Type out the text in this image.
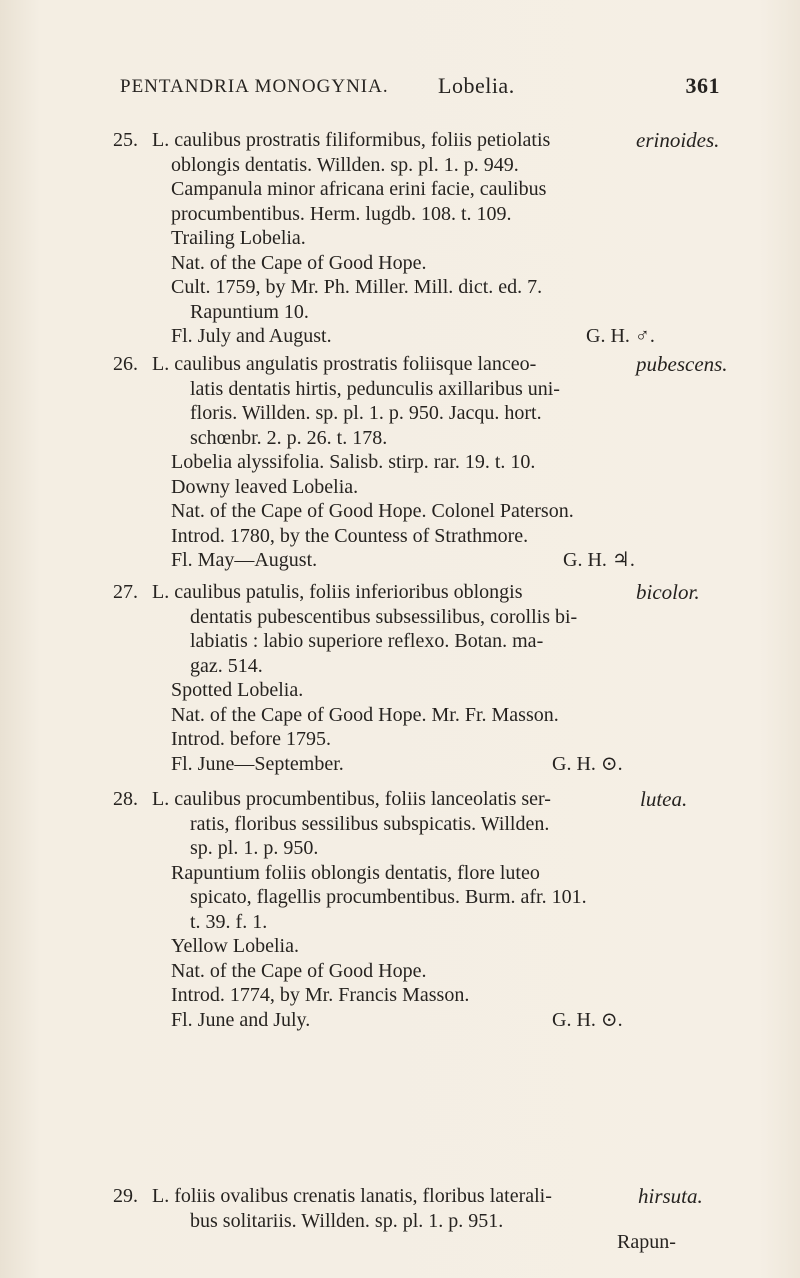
PENTANDRIA MONOGYNIA. Lobelia.	361
25.	erinoides.
L. caulibus prostratis filiformibus, foliis petiolatis
oblongis dentatis. Willden. sp. pl. 1. p. 949.
Campanula minor africana erini facie, caulibus
procumbentibus. Herm. lugdb. 108. t. 109.
Trailing Lobelia.
Nat. of the Cape of Good Hope.
Cult. 1759, by Mr. Ph. Miller. Mill. dict. ed. 7.
Rapuntium 10.
Fl. July and August.	G. H. ♂.
26.	pubescens.
L. caulibus angulatis prostratis foliisque lanceo-
latis dentatis hirtis, pedunculis axillaribus uni-
floris. Willden. sp. pl. 1. p. 950. Jacqu. hort.
schœnbr. 2. p. 26. t. 178.
Lobelia alyssifolia. Salisb. stirp. rar. 19. t. 10.
Downy leaved Lobelia.
Nat. of the Cape of Good Hope. Colonel Paterson.
Introd. 1780, by the Countess of Strathmore.
Fl. May—August.	G. H. ♃.
27.	bicolor.
L. caulibus patulis, foliis inferioribus oblongis
dentatis pubescentibus subsessilibus, corollis bi-
labiatis : labio superiore reflexo. Botan. ma-
gaz. 514.
Spotted Lobelia.
Nat. of the Cape of Good Hope. Mr. Fr. Masson.
Introd. before 1795.
Fl. June—September.	G. H. ⊙.
28.	lutea.
L. caulibus procumbentibus, foliis lanceolatis ser-
ratis, floribus sessilibus subspicatis. Willden.
sp. pl. 1. p. 950.
Rapuntium foliis oblongis dentatis, flore luteo
spicato, flagellis procumbentibus. Burm. afr. 101.
t. 39. f. 1.
Yellow Lobelia.
Nat. of the Cape of Good Hope.
Introd. 1774, by Mr. Francis Masson.
Fl. June and July.	G. H. ⊙.
29.	hirsuta.
L. foliis ovalibus crenatis lanatis, floribus laterali-
bus solitariis. Willden. sp. pl. 1. p. 951.
Rapun-
